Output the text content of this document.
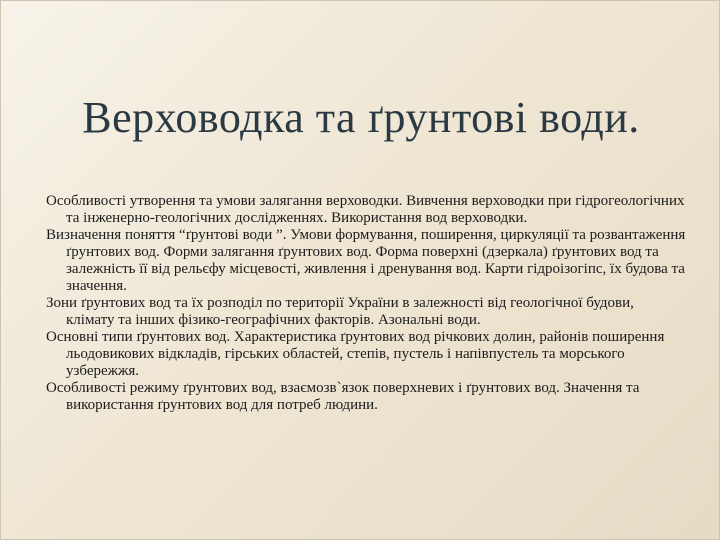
Верховодка та ґрунтові води.
Особливості утворення та умови залягання верховодки. Вивчення верховодки при гідрогеологічних та інженерно-геологічних дослідженнях. Використання вод верховодки.
Визначення поняття “ґрунтові води ”. Умови формування, поширення, циркуляції та розвантаження ґрунтових вод. Форми залягання ґрунтових вод. Форма поверхні (дзеркала) ґрунтових вод та залежність її від рельєфу місцевості, живлення і дренування вод. Карти гідроізогіпс, їх будова та значення.
Зони ґрунтових вод та їх розподіл по території України в залежності від геологічної будови, клімату та інших фізико-географічних факторів. Азональні води.
Основні типи ґрунтових вод. Характеристика ґрунтових вод річкових долин, районів поширення льодовикових відкладів, гірських областей, степів, пустель і напівпустель та морського узбережжя.
Особливості режиму ґрунтових вод, взаємозв`язок поверхневих і ґрунтових вод. Значення та використання ґрунтових вод для потреб людини.
